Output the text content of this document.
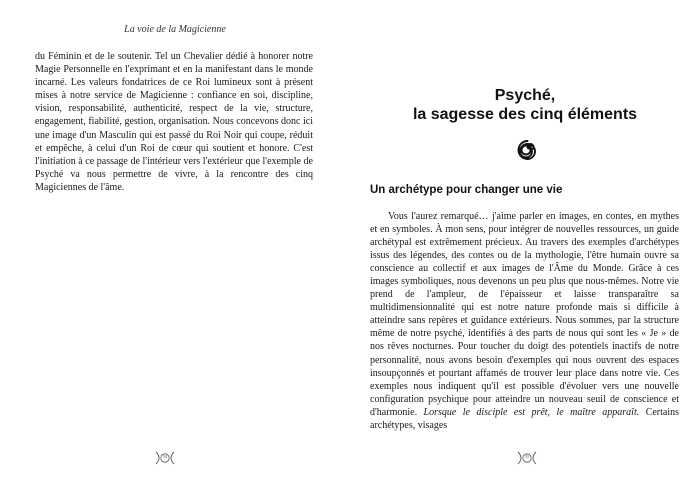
La voie de la Magicienne

du Féminin et de le soutenir. Tel un Chevalier dédié à honorer notre Magie Personnelle en l'exprimant et en la manifestant dans le monde incarné. Les valeurs fondatrices de ce Roi lumineux sont à présent mises à notre service de Magicienne : confiance en soi, discipline, vision, responsabilité, authenticité, respect de la vie, structure, engagement, fiabilité, gestion, organisation. Nous concevons donc ici une image d'un Masculin qui est passé du Roi Noir qui coupe, réduit et empêche, à celui d'un Roi de cœur qui soutient et honore. C'est l'initiation à ce passage de l'intérieur vers l'extérieur que l'exemple de Psyché va nous permettre de vivre, à la rencontre des cinq Magiciennes de l'âme.

54
Psyché,
la sagesse des cinq éléments
Un archétype pour changer une vie

Vous l'aurez remarqué… j'aime parler en images, en contes, en mythes et en symboles. À mon sens, pour intégrer de nouvelles ressources, un guide archétypal est extrêmement précieux. Au travers des exemples d'archétypes issus des légendes, des contes ou de la mythologie, l'être humain ouvre sa conscience au collectif et aux images de l'Âme du Monde. Grâce à ces images symboliques, nous devenons un peu plus que nous-mêmes. Notre vie prend de l'ampleur, de l'épaisseur et laisse transparaître sa multidimensionnalité qui est notre nature profonde mais si difficile à atteindre sans repères et guidance extérieurs. Nous sommes, par la structure même de notre psyché, identifiés à des parts de nous qui sont les « Je » de nos rêves nocturnes. Pour toucher du doigt des potentiels inactifs de notre personnalité, nous avons besoin d'exemples qui nous ouvrent des espaces insoupçonnés et pourtant affamés de trouver leur place dans notre vie. Ces exemples nous indiquent qu'il est possible d'évoluer vers une nouvelle configuration psychique pour atteindre un nouveau seuil de conscience et d'harmonie. Lorsque le disciple est prêt, le maître apparaît. Certains archétypes, visages

55
